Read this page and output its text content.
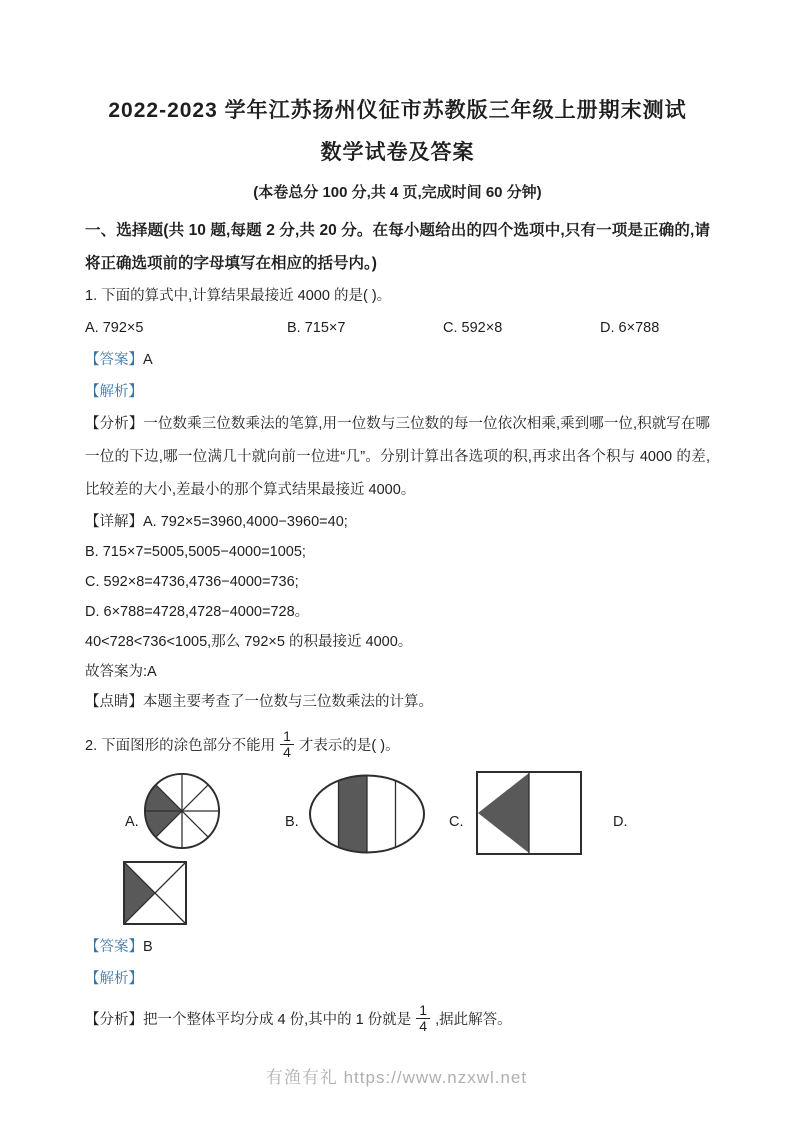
2022-2023 学年江苏扬州仪征市苏教版三年级上册期末测试
数学试卷及答案
(本卷总分 100 分,共 4 页,完成时间 60 分钟)
一、选择题(共 10 题,每题 2 分,共 20 分。在每小题给出的四个选项中,只有一项是正确的,请将正确选项前的字母填写在相应的括号内。)
1. 下面的算式中,计算结果最接近 4000 的是( )。
A. 792×5	B. 715×7	C. 592×8	D. 6×788
【答案】A
【解析】
【分析】一位数乘三位数乘法的笔算,用一位数与三位数的每一位依次相乘,乘到哪一位,积就写在哪一位的下边,哪一位满几十就向前一位进“几”。分别计算出各选项的积,再求出各个积与 4000 的差,比较差的大小,差最小的那个算式结果最接近 4000。
【详解】A. 792×5=3960,4000−3960=40;
B. 715×7=5005,5005−4000=1005;
C. 592×8=4736,4736−4000=736;
D. 6×788=4728,4728−4000=728。
40<728<736<1005,那么 792×5 的积最接近 4000。
故答案为:A
【点睛】本题主要考查了一位数与三位数乘法的计算。
2. 下面图形的涂色部分不能用 $\frac{1}{4}$ 才表示的是( )。
A.	B.	C.	D.
【答案】B
【解析】
【分析】把一个整体平均分成 4 份,其中的 1 份就是 $\frac{1}{4}$ ,据此解答。
有渔有礼 https://www.nzxwl.net
